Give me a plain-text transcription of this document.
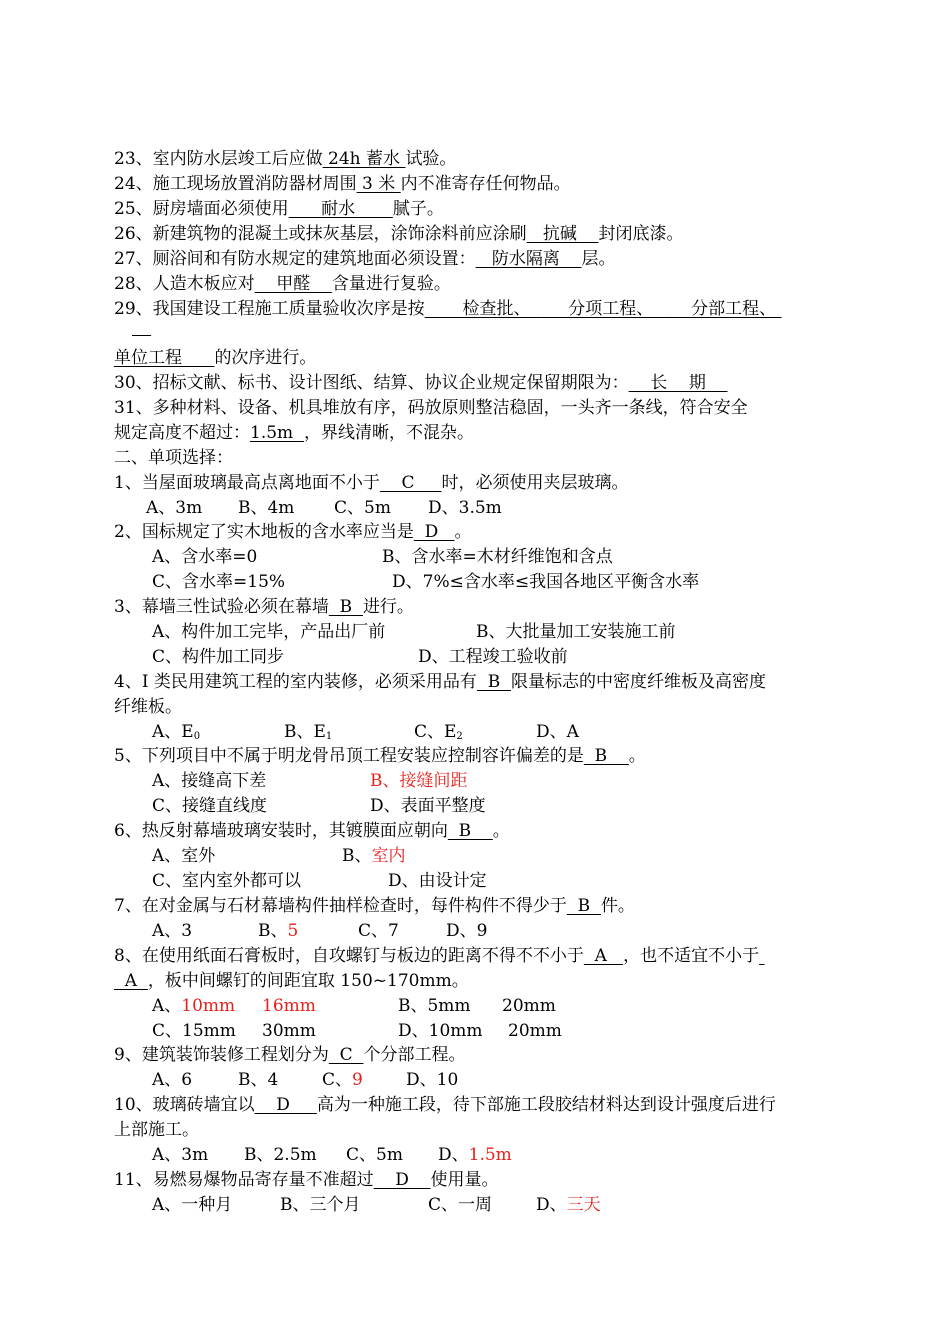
23、室内防水层竣工后应做 24h 蓄水 试验。
24、施工现场放置消防器材周围 3 米 内不准寄存任何物品。
25、厨房墙面必须使用      耐水       腻子。
26、新建筑物的混凝土或抹灰基层，涂饰涂料前应涂刷   抗碱    封闭底漆。
27、厕浴间和有防水规定的建筑地面必须设置：   防水隔离    层。
28、人造木板应对    甲醛    含量进行复验。
29、我国建设工程施工质量验收次序是按       检查批、       分项工程、       分部工程、

单位工程      的次序进行。
30、招标文献、标书、设计图纸、结算、协议企业规定保留期限为：    长    期
31、多种材料、设备、机具堆放有序，码放原则整洁稳固，一头齐一条线，符合安全
规定高度不超过：1.5m  ，界线清晰，不混杂。
二、单项选择：
1、当屋面玻璃最高点离地面不小于    C     时，必须使用夹层玻璃。
A、3m B、4m C、5m D、3.5m
2、国标规定了实木地板的含水率应当是  D   。
A、含水率=0	B、含水率=木材纤维饱和含点
C、含水率=15%	D、7%≤含水率≤我国各地区平衡含水率
3、幕墙三性试验必须在幕墙  B  进行。
A、构件加工完毕，产品出厂前	B、大批量加工安装施工前
C、构件加工同步	D、工程竣工验收前
4、I 类民用建筑工程的室内装修，必须采用品有  B  限量标志的中密度纤维板及高密度
纤维板。
A、$E_0$	B、$E_1$	C、$E_2$	D、A
5、下列项目中不属于明龙骨吊顶工程安装应控制容许偏差的是  B    。
A、接缝高下差	B、接缝间距
C、接缝直线度	D、表面平整度
6、热反射幕墙玻璃安装时，其镀膜面应朝向  B    。
A、室外	B、室内
C、室内室外都可以	D、由设计定
7、在对金属与石材幕墙构件抽样检查时，每件构件不得少于  B  件。
A、3	B、5	C、7	D、9
8、在使用纸面石膏板时，自攻螺钉与板边的距离不得不不小于  A   ，也不适宜不小于
A  ，板中间螺钉的间距宜取 150~170mm。
A、10mm 16mm	B、5mm 20mm
C、15mm 30mm	D、10mm 20mm
9、建筑装饰装修工程划分为  C  个分部工程。
A、6	B、4	C、9	D、10
10、玻璃砖墙宜以    D     高为一种施工段，待下部施工段胶结材料达到设计强度后进行
上部施工。
A、3m B、2.5m C、5m D、1.5m
11、易燃易爆物品寄存量不准超过    D    使用量。
A、一种月	B、三个月	C、一周	D、三天
